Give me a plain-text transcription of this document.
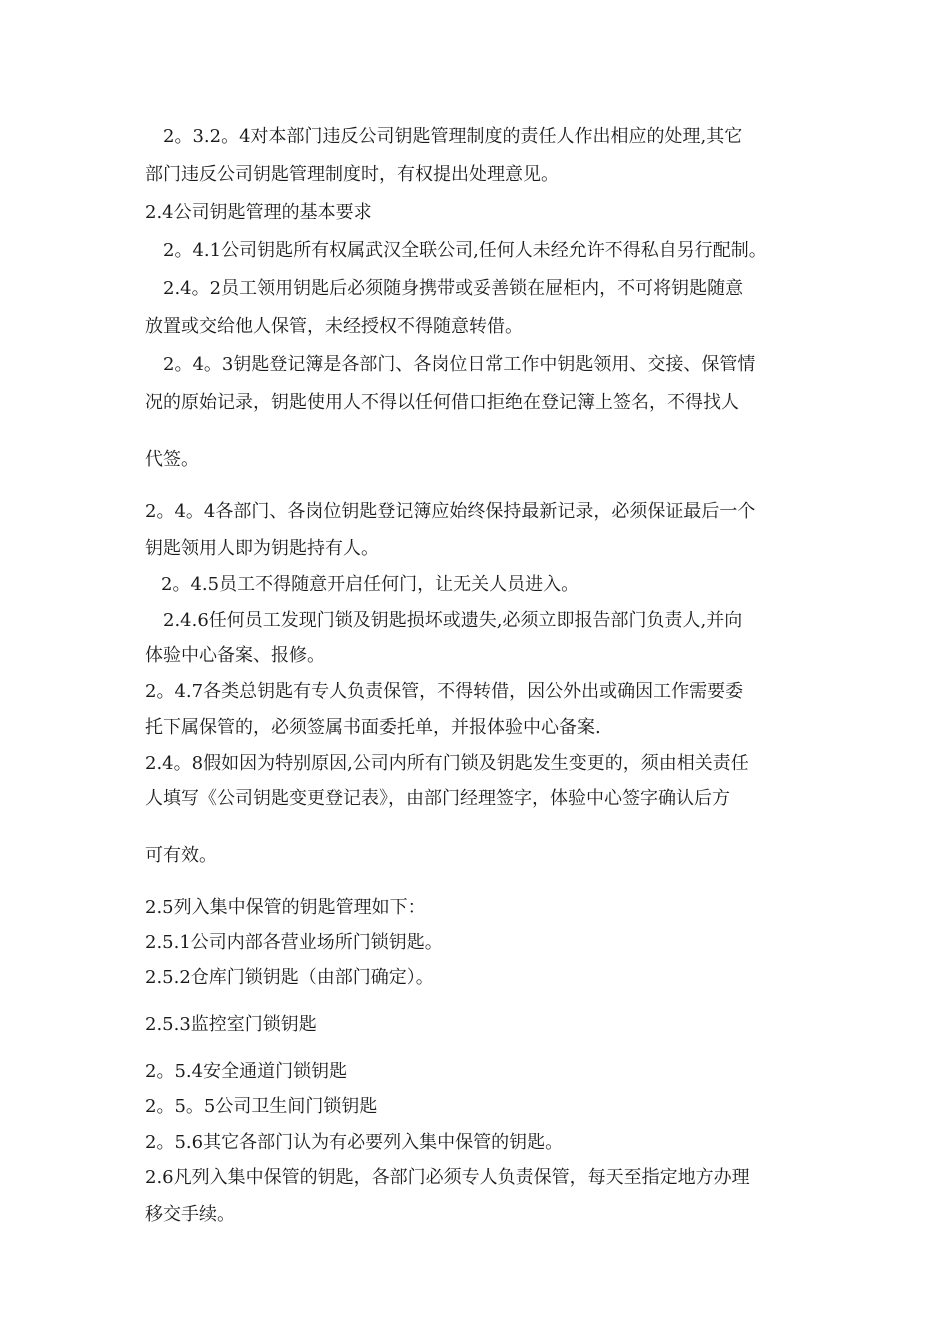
2。3.2。4对本部门违反公司钥匙管理制度的责任人作出相应的处理,其它
部门违反公司钥匙管理制度时，有权提出处理意见。
2.4公司钥匙管理的基本要求
2。4.1公司钥匙所有权属武汉全联公司,任何人未经允许不得私自另行配制。
2.4。2员工领用钥匙后必须随身携带或妥善锁在屉柜内，不可将钥匙随意
放置或交给他人保管，未经授权不得随意转借。
2。4。3钥匙登记簿是各部门、各岗位日常工作中钥匙领用、交接、保管情
况的原始记录，钥匙使用人不得以任何借口拒绝在登记簿上签名，不得找人
代签。
2。4。4各部门、各岗位钥匙登记簿应始终保持最新记录，必须保证最后一个
钥匙领用人即为钥匙持有人。
2。4.5员工不得随意开启任何门，让无关人员进入。
2.4.6任何员工发现门锁及钥匙损坏或遗失,必须立即报告部门负责人,并向
体验中心备案、报修。
2。4.7各类总钥匙有专人负责保管，不得转借，因公外出或确因工作需要委
托下属保管的，必须签属书面委托单，并报体验中心备案.
2.4。8假如因为特别原因,公司内所有门锁及钥匙发生变更的，须由相关责任
人填写《公司钥匙变更登记表》，由部门经理签字，体验中心签字确认后方
可有效。
2.5列入集中保管的钥匙管理如下：
2.5.1公司内部各营业场所门锁钥匙。
2.5.2仓库门锁钥匙（由部门确定）。
2.5.3监控室门锁钥匙
2。5.4安全通道门锁钥匙
2。5。5公司卫生间门锁钥匙
2。5.6其它各部门认为有必要列入集中保管的钥匙。
2.6凡列入集中保管的钥匙，各部门必须专人负责保管，每天至指定地方办理
移交手续。
